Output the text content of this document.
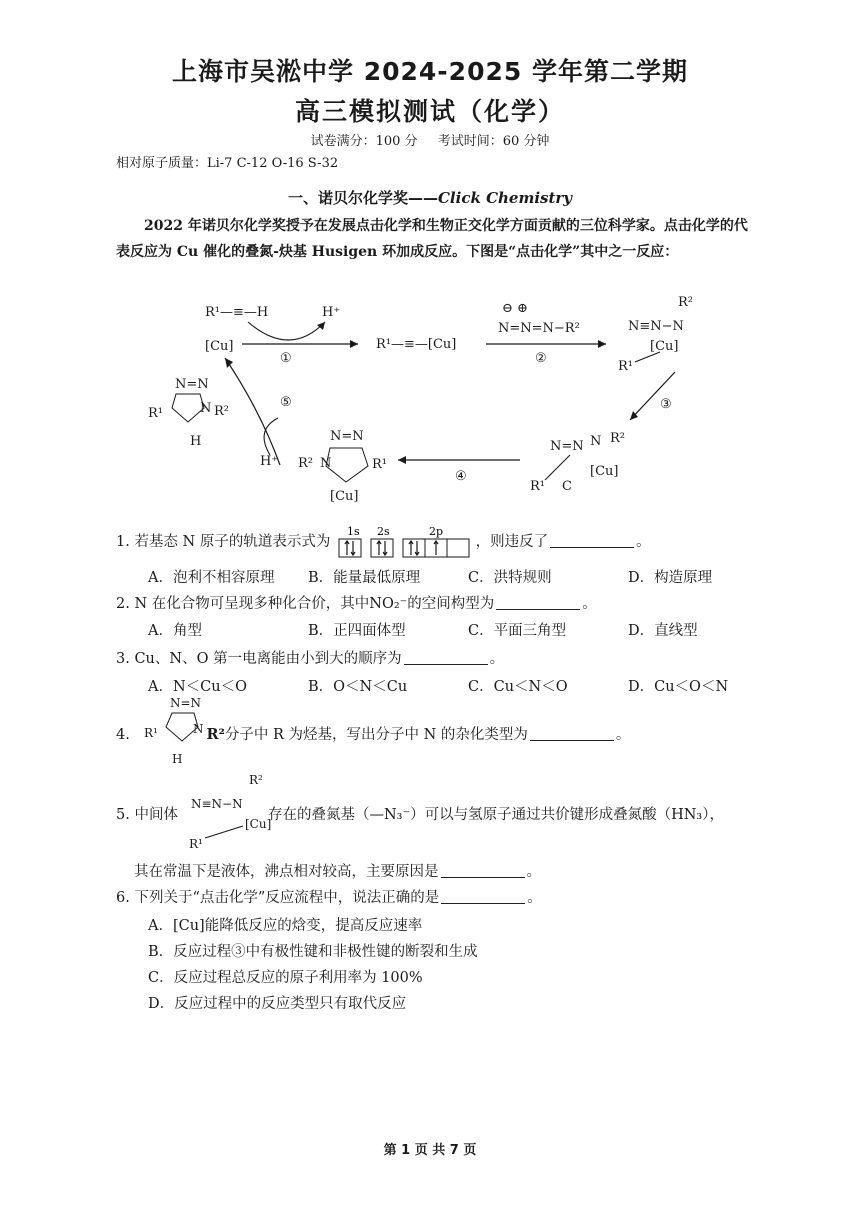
上海市吴淞中学 2024-2025 学年第二学期
高三模拟测试（化学）
试卷满分：100 分 考试时间：60 分钟
相对原子质量：Li-7 C-12 O-16 S-32
一、诺贝尔化学奖——Click Chemistry
2022 年诺贝尔化学奖授予在发展点击化学和生物正交化学方面贡献的三位科学家。点击化学的代表反应为 Cu 催化的叠氮-炔基 Husigen 环加成反应。下图是“点击化学”其中之一反应：
R¹—≡—H
[Cu]
H⁺
①
R¹—≡—[Cu]
⊖ ⊕
N=N=N−R²
②
N≡N−N
R²
[Cu]
R¹
③
N=N N R²
[Cu]
R¹ C
④
N=N
R² N	R¹
[Cu]
⑤
H⁺
N=N
R¹	N R²
H
1. 若基态 N 原子的轨道表示式为
1s 2s	2p
，则违反了	。
A．泡利不相容原理 B．能量最低原理	C．洪特规则	D．构造原理
2. N 在化合物可呈现多种化合价，其中NO₂⁻的空间构型为	。
A．角型	B．正四面体型	C．平面三角型	D．直线型
3. Cu、N、O 第一电离能由小到大的顺序为	。
A．N＜Cu＜O	B．O＜N＜Cu	C．Cu＜N＜O	D．Cu＜O＜N
N=N
R¹	N
H
4.	R²分子中 R 为烃基，写出分子中 N 的杂化类型为	。
R²
N≡N−N
[Cu]
R¹
5. 中间体	存在的叠氮基（—N₃⁻）可以与氢原子通过共价键形成叠氮酸（HN₃），
其在常温下是液体，沸点相对较高，主要原因是	。
6. 下列关于“点击化学”反应流程中，说法正确的是	。
A．[Cu]能降低反应的焓变，提高反应速率
B．反应过程③中有极性键和非极性键的断裂和生成
C．反应过程总反应的原子利用率为 100%
D．反应过程中的反应类型只有取代反应
第 1 页 共 7 页
